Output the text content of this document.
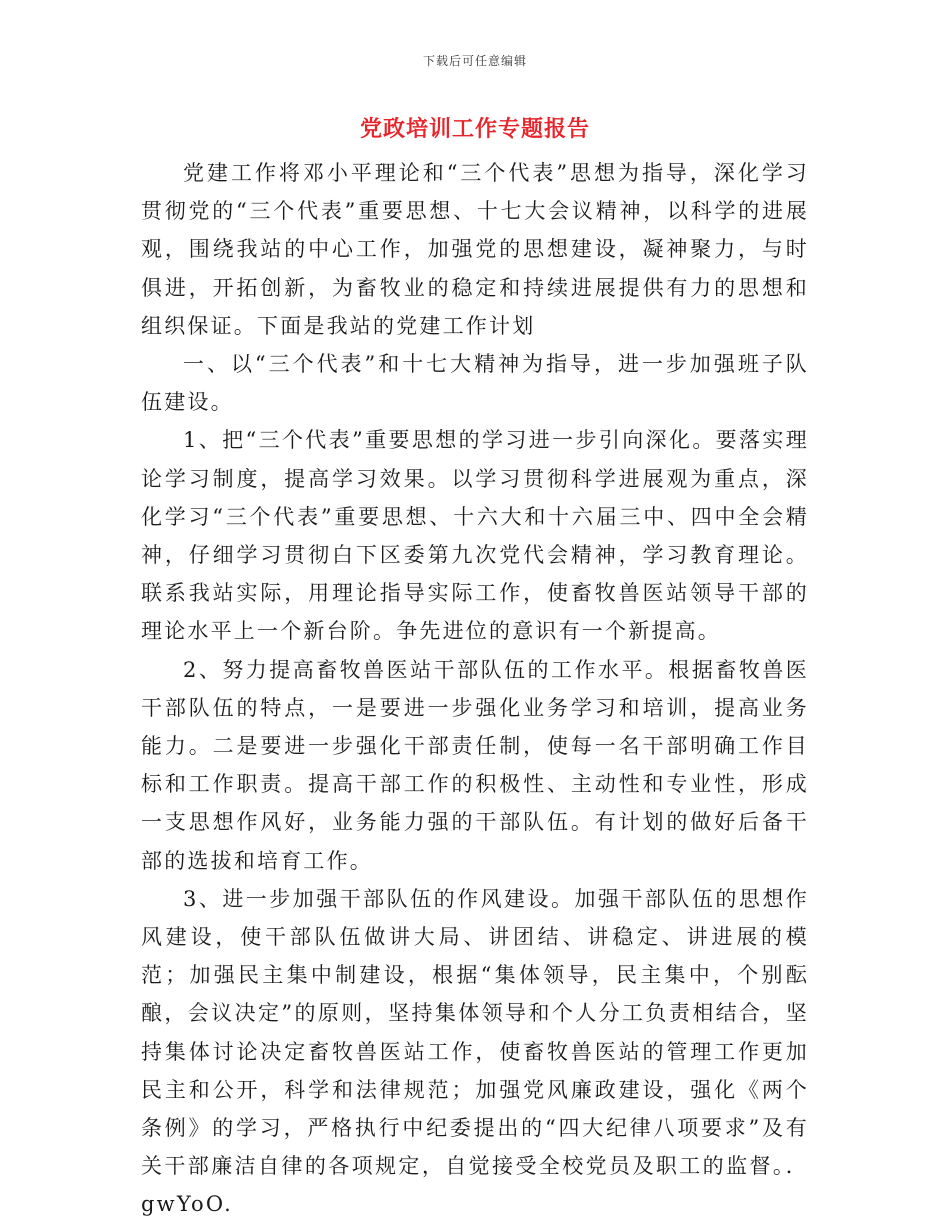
下载后可任意编辑
党政培训工作专题报告

党建工作将邓小平理论和“三个代表”思想为指导，深化学习贯彻党的“三个代表”重要思想、十七大会议精神，以科学的进展观，围绕我站的中心工作，加强党的思想建设，凝神聚力，与时俱进，开拓创新，为畜牧业的稳定和持续进展提供有力的思想和组织保证。下面是我站的党建工作计划

一、以“三个代表”和十七大精神为指导，进一步加强班子队伍建设。

1、把“三个代表”重要思想的学习进一步引向深化。要落实理论学习制度，提高学习效果。以学习贯彻科学进展观为重点，深化学习“三个代表”重要思想、十六大和十六届三中、四中全会精神，仔细学习贯彻白下区委第九次党代会精神，学习教育理论。联系我站实际，用理论指导实际工作，使畜牧兽医站领导干部的理论水平上一个新台阶。争先进位的意识有一个新提高。

2、努力提高畜牧兽医站干部队伍的工作水平。根据畜牧兽医干部队伍的特点，一是要进一步强化业务学习和培训，提高业务能力。二是要进一步强化干部责任制，使每一名干部明确工作目标和工作职责。提高干部工作的积极性、主动性和专业性，形成一支思想作风好，业务能力强的干部队伍。有计划的做好后备干部的选拔和培育工作。

3、进一步加强干部队伍的作风建设。加强干部队伍的思想作风建设，使干部队伍做讲大局、讲团结、讲稳定、讲进展的模范；加强民主集中制建设，根据“集体领导，民主集中，个别酝酿，会议决定”的原则，坚持集体领导和个人分工负责相结合，坚持集体讨论决定畜牧兽医站工作，使畜牧兽医站的管理工作更加民主和公开，科学和法律规范；加强党风廉政建设，强化《两个条例》的学习，严格执行中纪委提出的“四大纪律八项要求”及有关干部廉洁自律的各项规定，自觉接受全校党员及职工的监督。．gwYoO.
